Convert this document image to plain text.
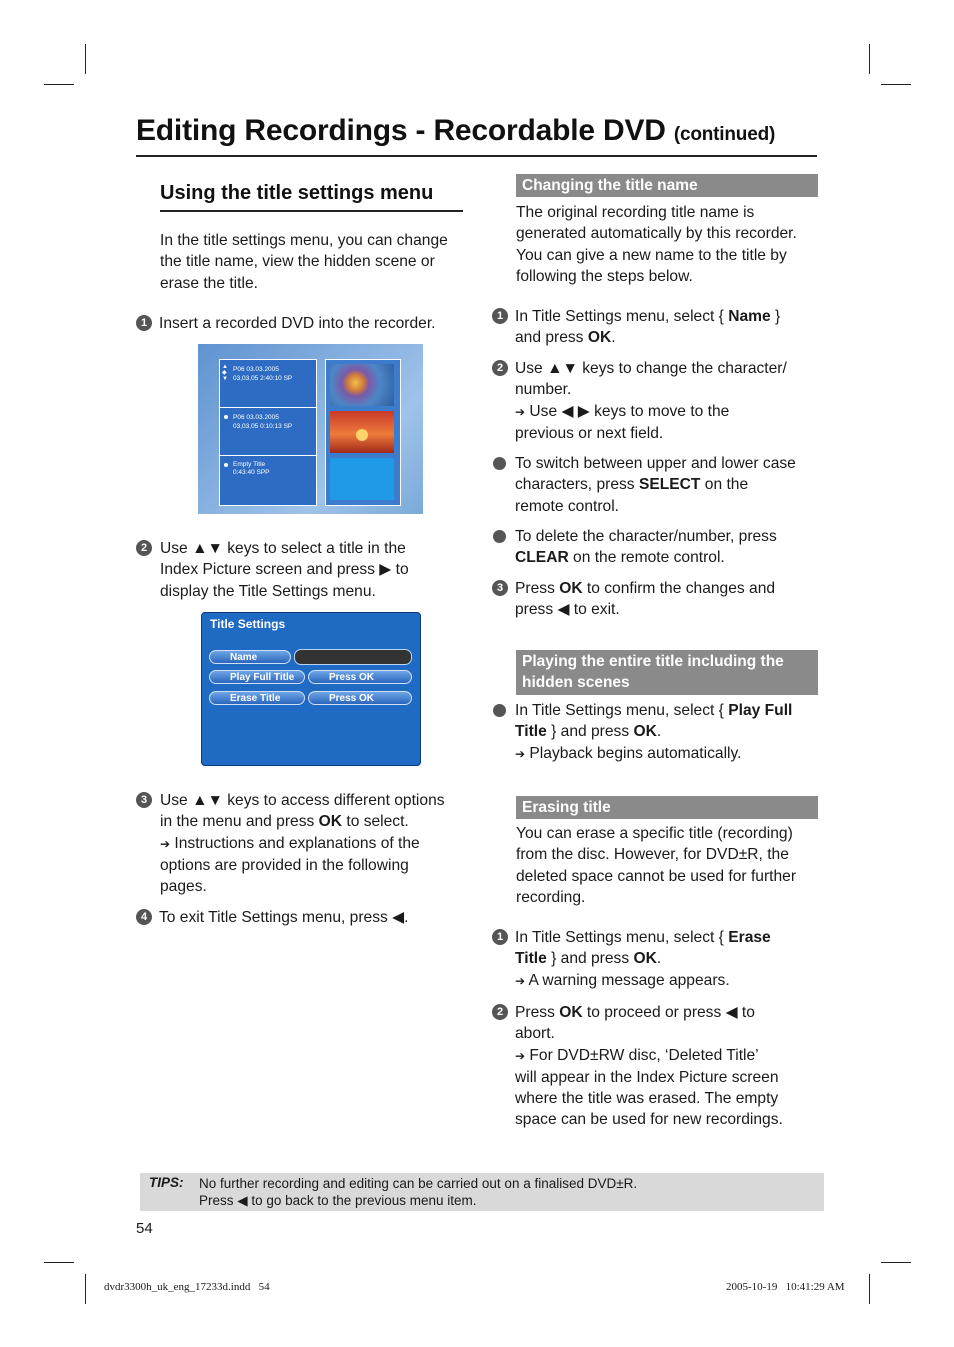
Editing Recordings - Recordable DVD (continued)
Using the title settings menu
In the title settings menu, you can change
the title name, view the hidden scene or
erase the title.
1 Insert a recorded DVD into the recorder.
▲
◆
▼
P06 03.03.2005
03,03,05 2:40:10 SP
P06 03.03.2005
03,03,05 0:10:13 SP
Empty Title
0:43:40 SPP
2 Use ▲▼ keys to select a title in the
Index Picture screen and press ▶ to
display the Title Settings menu.
Title Settings
Name
Play Full Title	Press OK
Erase Title	Press OK
3 Use ▲▼ keys to access different options
in the menu and press OK to select.
➔ Instructions and explanations of the
options are provided in the following
pages.
4 To exit Title Settings menu, press ◀.
Changing the title name
The original recording title name is
generated automatically by this recorder.
You can give a new name to the title by
following the steps below.
1 In Title Settings menu, select { Name }
and press OK.
2 Use ▲▼ keys to change the character/
number.
➔ Use ◀ ▶ keys to move to the
previous or next field.
To switch between upper and lower case
characters, press SELECT on the
remote control.
To delete the character/number, press
CLEAR on the remote control.
3 Press OK to confirm the changes and
press ◀ to exit.
Playing the entire title including the
hidden scenes
In Title Settings menu, select { Play Full
Title } and press OK.
➔ Playback begins automatically.
Erasing title
You can erase a specific title (recording)
from the disc. However, for DVD±R, the
deleted space cannot be used for further
recording.
1 In Title Settings menu, select { Erase
Title } and press OK.
➔ A warning message appears.
2 Press OK to proceed or press ◀ to
abort.
➔ For DVD±RW disc, ‘Deleted Title’
will appear in the Index Picture screen
where the title was erased. The empty
space can be used for new recordings.
TIPS: No further recording and editing can be carried out on a finalised DVD±R.
Press ◀ to go back to the previous menu item.
54
dvdr3300h_uk_eng_17233d.indd   54	2005-10-19   10:41:29 AM
